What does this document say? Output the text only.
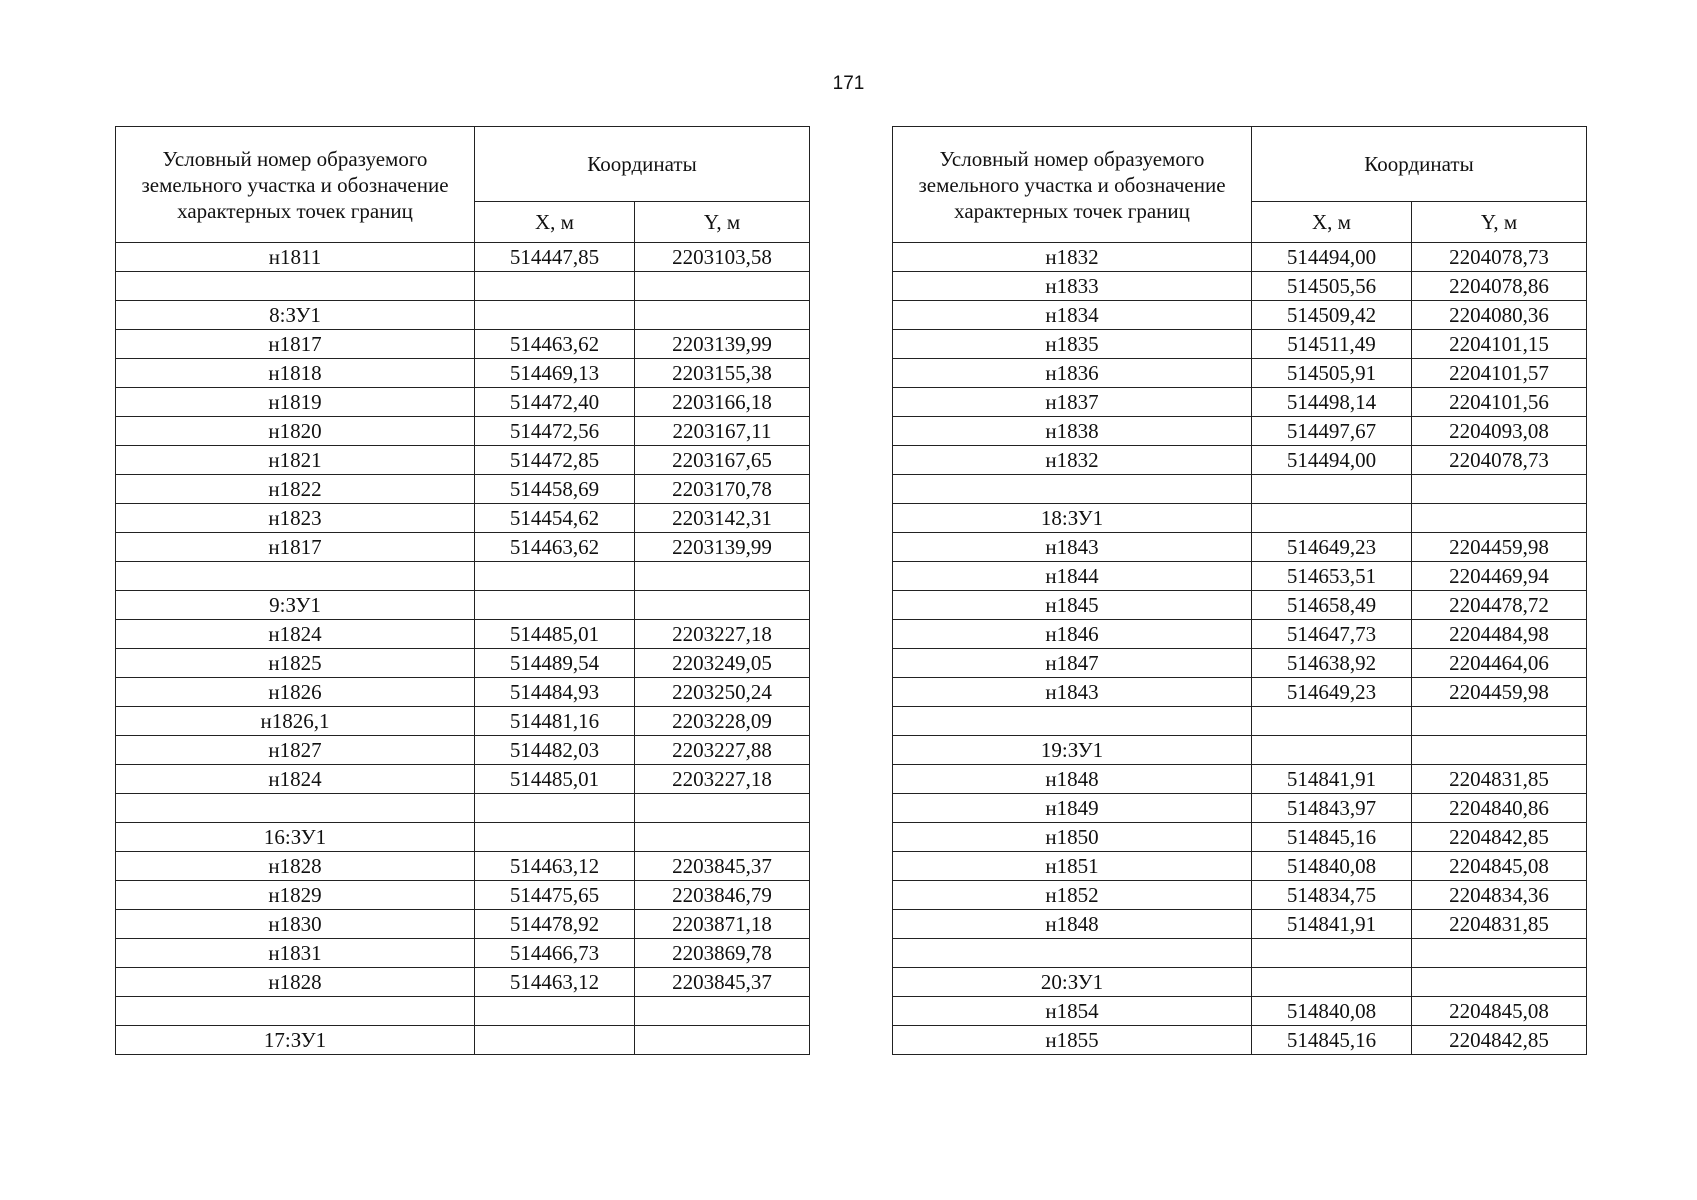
171
Условный номер образуемого земельного участка и обозначение характерных точек границ	Координаты	
	X, м	Y, м
н1811	514447,85	2203103,58

8:ЗУ1		
н1817	514463,62	2203139,99
н1818	514469,13	2203155,38
н1819	514472,40	2203166,18
н1820	514472,56	2203167,11
н1821	514472,85	2203167,65
н1822	514458,69	2203170,78
н1823	514454,62	2203142,31
н1817	514463,62	2203139,99

9:ЗУ1		
н1824	514485,01	2203227,18
н1825	514489,54	2203249,05
н1826	514484,93	2203250,24
н1826,1	514481,16	2203228,09
н1827	514482,03	2203227,88
н1824	514485,01	2203227,18

16:ЗУ1		
н1828	514463,12	2203845,37
н1829	514475,65	2203846,79
н1830	514478,92	2203871,18
н1831	514466,73	2203869,78
н1828	514463,12	2203845,37

17:ЗУ1		
Условный номер образуемого земельного участка и обозначение характерных точек границ	Координаты	
	X, м	Y, м
н1832	514494,00	2204078,73
н1833	514505,56	2204078,86
н1834	514509,42	2204080,36
н1835	514511,49	2204101,15
н1836	514505,91	2204101,57
н1837	514498,14	2204101,56
н1838	514497,67	2204093,08
н1832	514494,00	2204078,73

18:ЗУ1		
н1843	514649,23	2204459,98
н1844	514653,51	2204469,94
н1845	514658,49	2204478,72
н1846	514647,73	2204484,98
н1847	514638,92	2204464,06
н1843	514649,23	2204459,98

19:ЗУ1		
н1848	514841,91	2204831,85
н1849	514843,97	2204840,86
н1850	514845,16	2204842,85
н1851	514840,08	2204845,08
н1852	514834,75	2204834,36
н1848	514841,91	2204831,85

20:ЗУ1		
н1854	514840,08	2204845,08
н1855	514845,16	2204842,85
